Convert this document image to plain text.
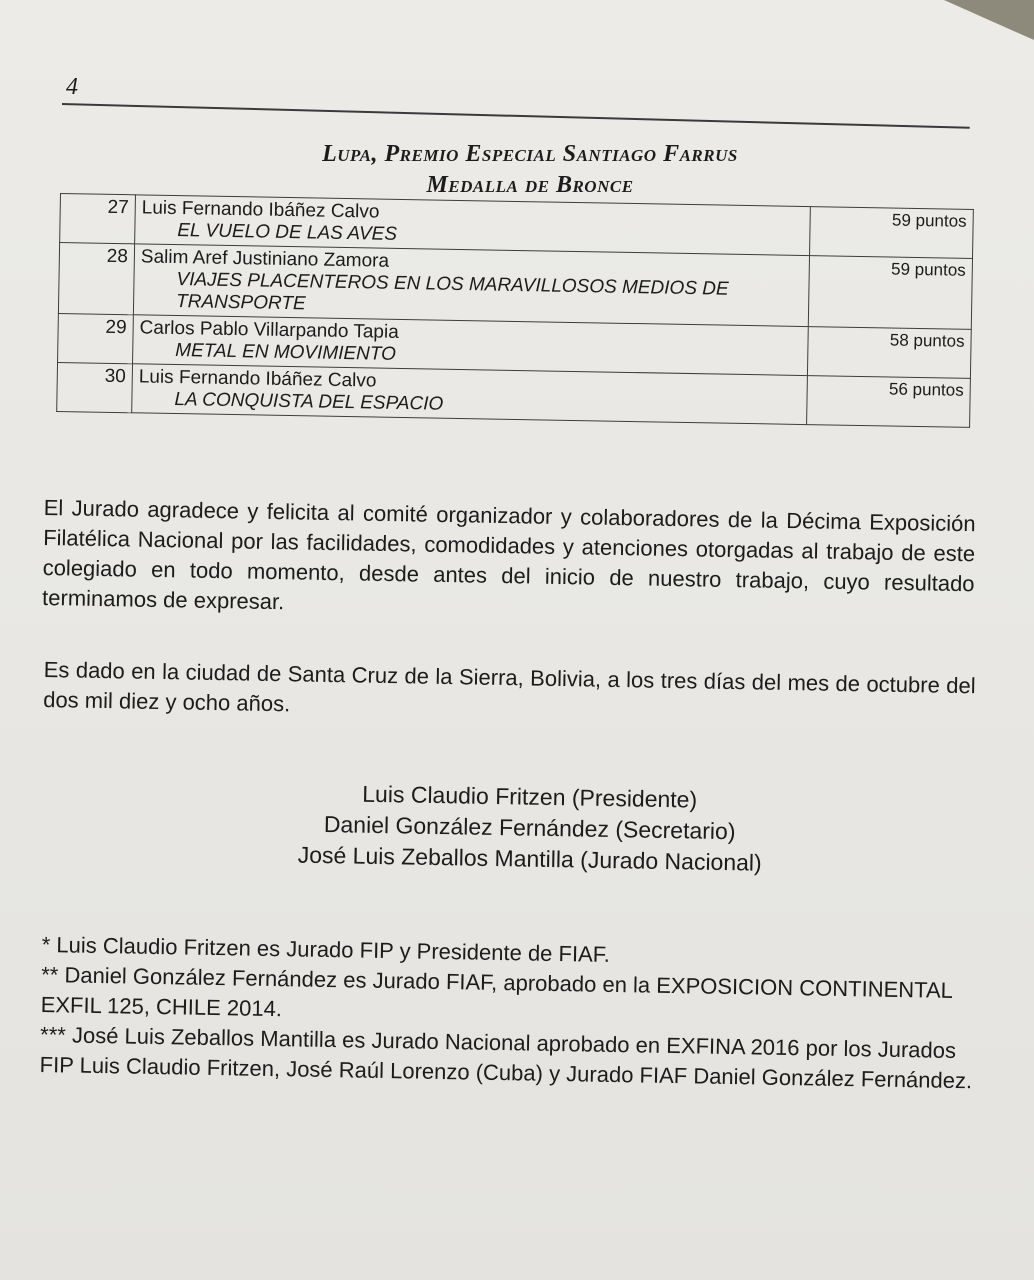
4
Lupa, Premio Especial Santiago Farrus
Medalla de Bronce
27	Luis Fernando Ibáñez Calvo
EL VUELO DE LAS AVES	59 puntos
28	Salim Aref Justiniano Zamora
VIAJES PLACENTEROS EN LOS MARAVILLOSOS MEDIOS DE TRANSPORTE	59 puntos
29	Carlos Pablo Villarpando Tapia
METAL EN MOVIMIENTO	58 puntos
30	Luis Fernando Ibáñez Calvo
LA CONQUISTA DEL ESPACIO	56 puntos
El Jurado agradece y felicita al comité organizador y colaboradores de la Décima Exposición Filatélica Nacional por las facilidades, comodidades y atenciones otorgadas al trabajo de este colegiado en todo momento, desde antes del inicio de nuestro trabajo, cuyo resultado terminamos de expresar.
Es dado en la ciudad de Santa Cruz de la Sierra, Bolivia, a los tres días del mes de octubre del dos mil diez y ocho años.
Luis Claudio Fritzen (Presidente)
Daniel González Fernández (Secretario)
José Luis Zeballos Mantilla (Jurado Nacional)
* Luis Claudio Fritzen es Jurado FIP y Presidente de FIAF.
** Daniel González Fernández es Jurado FIAF, aprobado en la EXPOSICION CONTINENTAL EXFIL 125, CHILE 2014.
*** José Luis Zeballos Mantilla es Jurado Nacional aprobado en EXFINA 2016 por los Jurados FIP Luis Claudio Fritzen, José Raúl Lorenzo (Cuba) y Jurado FIAF Daniel González Fernández.
